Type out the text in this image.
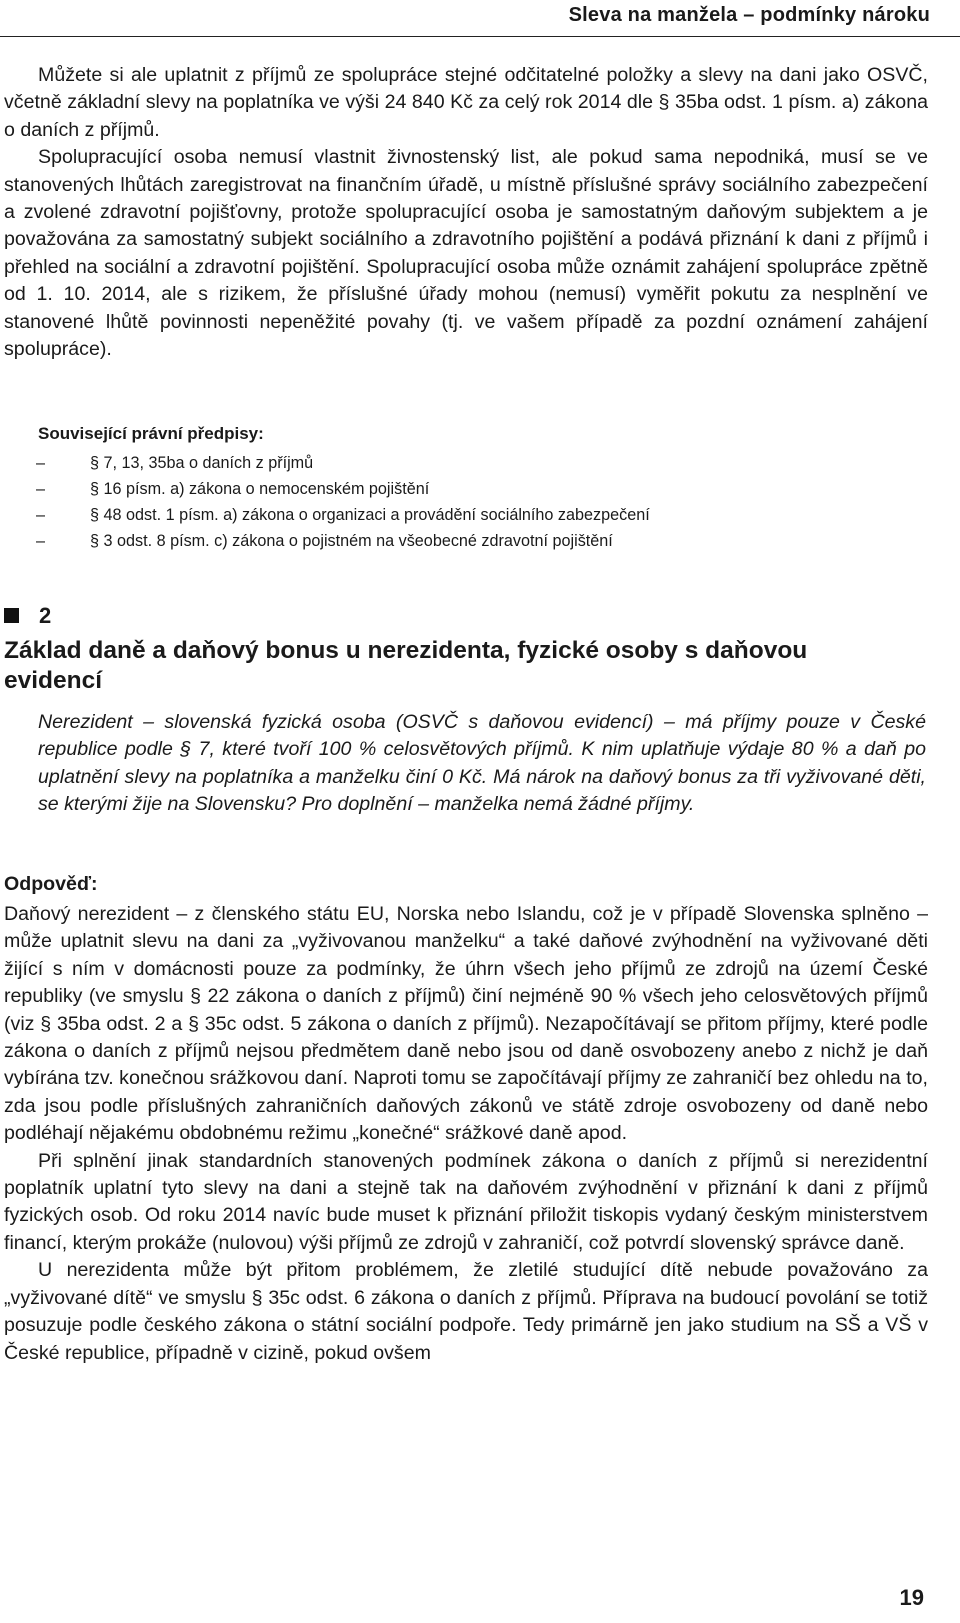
Sleva na manžela – podmínky nároku

Můžete si ale uplatnit z příjmů ze spolupráce stejné odčitatelné položky a slevy na dani jako OSVČ, včetně základní slevy na poplatníka ve výši 24 840 Kč za celý rok 2014 dle § 35ba odst. 1 písm. a) zákona o daních z příjmů.
Spolupracující osoba nemusí vlastnit živnostenský list, ale pokud sama nepodniká, musí se ve stanovených lhůtách zaregistrovat na finančním úřadě, u místně příslušné správy sociálního zabezpečení a zvolené zdravotní pojišťovny, protože spolupracující osoba je samostatným daňovým subjektem a je považována za samostatný subjekt sociálního a zdravotního pojištění a podává přiznání k dani z příjmů i přehled na sociální a zdravotní pojištění. Spolupracující osoba může oznámit zahájení spolupráce zpětně od 1. 10. 2014, ale s rizikem, že příslušné úřady mohou (nemusí) vyměřit pokutu za nesplnění ve stanovené lhůtě povinnosti nepeněžité povahy (tj. ve vašem případě za pozdní oznámení zahájení spolupráce).

Související právní předpisy:
–	§ 7, 13, 35ba o daních z příjmů
–	§ 16 písm. a) zákona o nemocenském pojištění
–	§ 48 odst. 1 písm. a) zákona o organizaci a provádění sociálního zabezpečení
–	§ 3 odst. 8 písm. c) zákona o pojistném na všeobecné zdravotní pojištění
2
Základ daně a daňový bonus u nerezidenta, fyzické osoby s daňovou evidencí

Nerezident – slovenská fyzická osoba (OSVČ s daňovou evidencí) – má příjmy pouze v České republice podle § 7, které tvoří 100 % celosvětových příjmů. K nim uplatňuje výdaje 80 % a daň po uplatnění slevy na poplatníka a manželku činí 0 Kč. Má nárok na daňový bonus za tři vyživované děti, se kterými žije na Slovensku? Pro doplnění – manželka nemá žádné příjmy.

Odpověď:

Daňový nerezident – z členského státu EU, Norska nebo Islandu, což je v případě Slovenska splněno – může uplatnit slevu na dani za „vyživovanou manželku“ a také daňové zvýhodnění na vyživované děti žijící s ním v domácnosti pouze za podmínky, že úhrn všech jeho příjmů ze zdrojů na území České republiky (ve smyslu § 22 zákona o daních z příjmů) činí nejméně 90 % všech jeho celosvětových příjmů (viz § 35ba odst. 2 a § 35c odst. 5 zákona o daních z příjmů). Nezapočítávají se přitom příjmy, které podle zákona o daních z příjmů nejsou předmětem daně nebo jsou od daně osvobozeny anebo z nichž je daň vybírána tzv. konečnou srážkovou daní. Naproti tomu se započítávají příjmy ze zahraničí bez ohledu na to, zda jsou podle příslušných zahraničních daňových zákonů ve státě zdroje osvobozeny od daně nebo podléhají nějakému obdobnému režimu „konečné“ srážkové daně apod.

Při splnění jinak standardních stanovených podmínek zákona o daních z příjmů si nerezidentní poplatník uplatní tyto slevy na dani a stejně tak na daňovém zvýhodnění v přiznání k dani z příjmů fyzických osob. Od roku 2014 navíc bude muset k přiznání přiložit tiskopis vydaný českým ministerstvem financí, kterým prokáže (nulovou) výši příjmů ze zdrojů v zahraničí, což potvrdí slovenský správce daně.

U nerezidenta může být přitom problémem, že zletilé studující dítě nebude považováno za „vyživované dítě“ ve smyslu § 35c odst. 6 zákona o daních z příjmů. Příprava na budoucí povolání se totiž posuzuje podle českého zákona o státní sociální podpoře. Tedy primárně jen jako studium na SŠ a VŠ v České republice, případně v cizině, pokud ovšem

19
